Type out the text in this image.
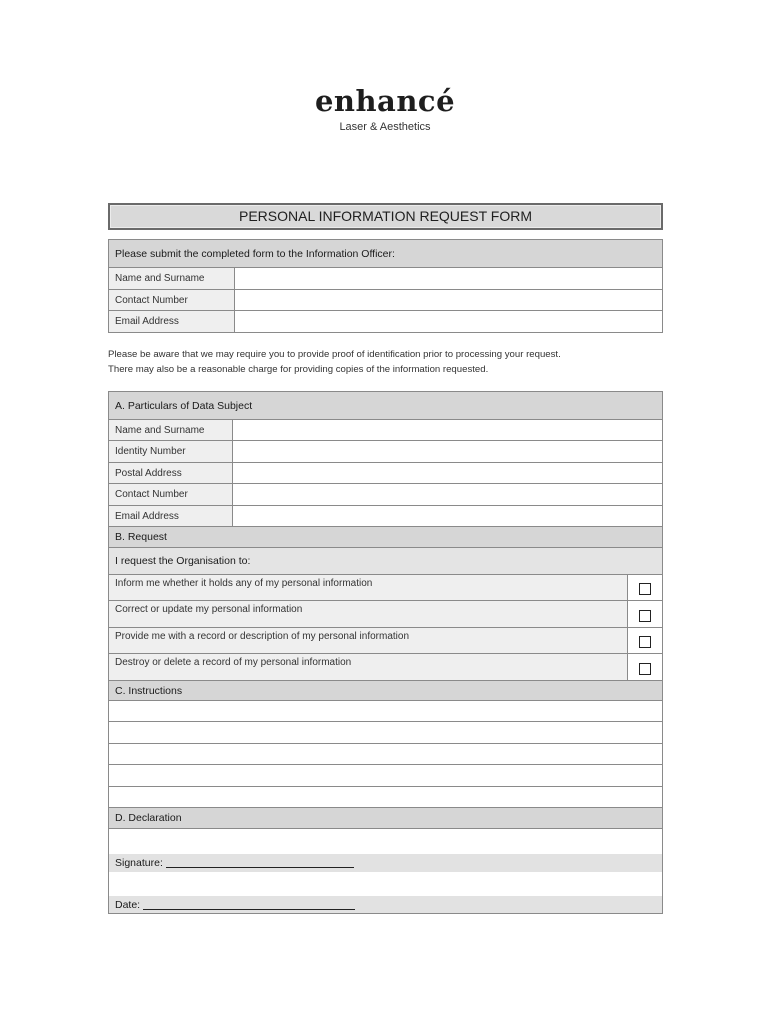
enhancé
Laser & Aesthetics
PERSONAL INFORMATION REQUEST FORM
Please submit the completed form to the Information Officer:
Name and Surname
Contact Number
Email Address
Please be aware that we may require you to provide proof of identification prior to processing your request.
There may also be a reasonable charge for providing copies of the information requested.
A. Particulars of Data Subject
Name and Surname
Identity Number
Postal Address
Contact Number
Email Address
B. Request
I request the Organisation to:
Inform me whether it holds any of my personal information
Correct or update my personal information
Provide me with a record or description of my personal information
Destroy or delete a record of my personal information
C. Instructions
D. Declaration
Signature:
Date:
